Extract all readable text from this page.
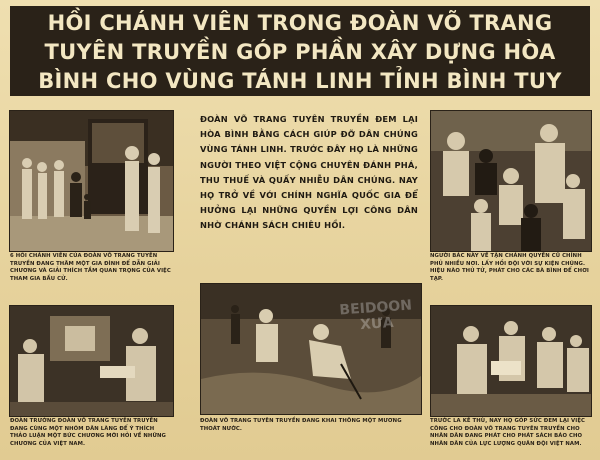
HỒI CHÁNH VIÊN TRONG ĐOÀN VÕ TRANG
TUYÊN TRUYỀN GÓP PHẦN XÂY DỰNG HÒA
BÌNH CHO VÙNG TÁNH LINH TỈNH BÌNH TUY
6 HỒI CHÁNH VIÊN CỦA ĐOÀN VÕ TRANG TUYÊN TRUYỀN ĐANG THĂM MỘT GIA ĐÌNH ĐỂ DẪN GIẢI CHƯƠNG VÀ GIẢI THÍCH TẦM QUAN TRỌNG CỦA VIỆC THAM GIA BẦU CỬ.
ĐOÀN VÕ TRANG TUYÊN TRUYỀN ĐEM LẠI HÒA BÌNH BẰNG CÁCH GIÚP ĐỠ DÂN CHÚNG VÙNG TÁNH LINH. TRƯỚC ĐÂY HỌ LÀ NHỮNG NGƯỜI THEO VIỆT CỘNG CHUYÊN ĐÁNH PHÁ, THU THUẾ VÀ QUẤY NHIỄU DÂN CHÚNG. NAY HỌ TRỞ VỀ VỚI CHÍNH NGHĨA QUỐC GIA ĐỂ HƯỞNG LẠI NHỮNG QUYỀN LỢI CÔNG DÂN NHỜ CHÁNH SÁCH CHIÊU HỒI.
NGƯỜI BÁC NÀY VỀ TẬN CHÁNH QUYỀN CŨ CHÍNH PHỦ NHIỀU NƠI. LẤY HỒI ĐỘI VỚI SỰ KIỆN CHÚNG. HIỆU NÀO THỦ TỬ, PHÁT CHO CÁC BÀ BÌNH ĐỂ CHƠI TẠP.
ĐOÀN TRƯỞNG ĐOÀN VÕ TRANG TUYÊN TRUYỀN ĐANG CÙNG MỘT NHÓM DÂN LÀNG ĐỂ Ý THÍCH THẢO LUẬN MỘT BỨC CHƯƠNG MỚI HỎI VỀ NHỮNG CHƯƠNG CỦA VIỆT NAM.
ĐOÀN VÕ TRANG TUYÊN TRUYỀN ĐANG KHAI THÔNG MỘT MƯƠNG THOÁT NƯỚC.
TRƯỚC LA KÊ THÙ, NAY HỌ GÓP SỨC ĐEM LẠI VIỆC CÔNG CHO ĐOÀN VÕ TRANG TUYÊN TRUYỀN CHO NHÂN DÂN ĐANG PHÁT CHO PHÁT SÁCH BÁO CHO NHÂN DÂN CỦA LỰC LƯỢNG QUÂN ĐỘI VIỆT NAM.
BEIDOON
XƯA
